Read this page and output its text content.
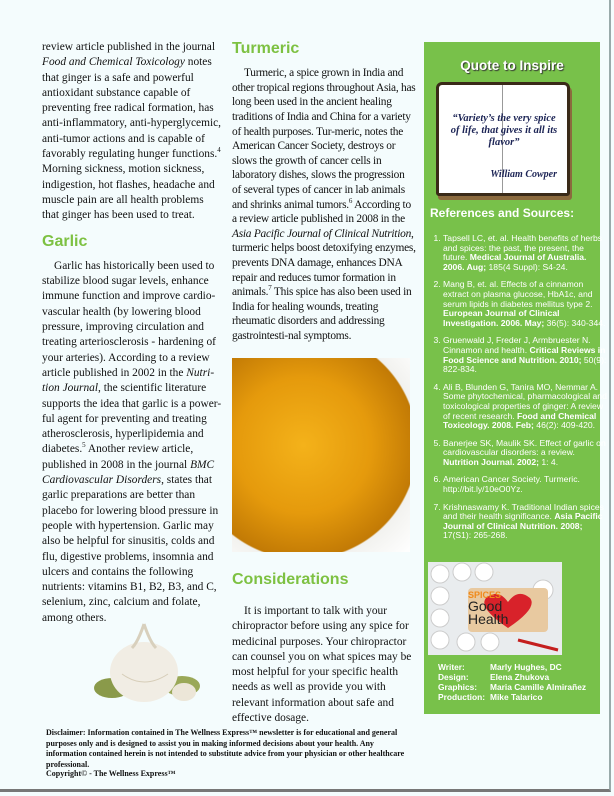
review article published in the journal Food and Chemical Toxicology notes that ginger is a safe and powerful antioxidant substance capable of preventing free radical formation, has anti-inflammatory, anti-hyperglycemic, anti-tumor actions and is capable of favorably regulating hunger functions.$^4$ Morning sickness, motion sickness, indigestion, hot flashes, headache and muscle pain are all health problems that ginger has been used to treat.

Garlic

Garlic has historically been used to stabilize blood sugar levels, enhance immune function and improve cardio-vascular health (by lowering blood pressure, improving circulation and treating arteriosclerosis - hardening of your arteries). According to a review article published in 2002 in the Nutri-tion Journal, the scientific literature supports the idea that garlic is a power-ful agent for preventing and treating atherosclerosis, hyperlipidemia and diabetes.$^5$ Another review article, published in 2008 in the journal BMC Cardiovascular Disorders, states that garlic preparations are better than placebo for lowering blood pressure in people with hypertension. Garlic may also be helpful for sinusitis, colds and flu, digestive problems, insomnia and ulcers and contains the following nutrients: vitamins B1, B2, B3, and C, selenium, zinc, calcium and folate, among others.

Turmeric

Turmeric, a spice grown in India and other tropical regions throughout Asia, has long been used in the ancient healing traditions of India and China for a variety of health purposes. Tur-meric, notes the American Cancer Society, destroys or slows the growth of cancer cells in laboratory dishes, slows the progression of several types of cancer in lab animals and shrinks animal tumors.$^6$ According to a review article published in 2008 in the Asia Pacific Journal of Clinical Nutrition, turmeric helps boost detoxifying enzymes, prevents DNA damage, enhances DNA repair and reduces tumor formation in animals.$^7$ This spice has also been used in India for healing wounds, treating rheumatic disorders and addressing gastrointesti-nal symptoms.

Considerations

It is important to talk with your chiropractor before using any spice for medicinal purposes. Your chiropractor can counsel you on what spices may be most helpful for your specific health needs as well as provide you with relevant information about safe and effective dosage.

Quote to Inspire
“Variety’s the very spice of life, that gives it all its flavor”
William Cowper
References and Sources:
1. Tapsell LC, et. al. Health benefits of herbs and spices: the past, the present, the future. Medical Journal of Australia. 2006. Aug; 185(4 Suppl): S4-24.
2. Mang B, et. al. Effects of a cinnamon extract on plasma glucose, HbA1c, and serum lipids in diabetes mellitus type 2. European Journal of Clinical Investigation. 2006. May; 36(5): 340-344.
3. Gruenwald J, Freder J, Armbruester N. Cinnamon and health. Critical Reviews in Food Science and Nutrition. 2010; 50(9): 822-834.
4. Ali B, Blunden G, Tanira MO, Nemmar A. Some phytochemical, pharmacological and toxicological properties of ginger: A review of recent research. Food and Chemical Toxicology. 2008. Feb; 46(2): 409-420.
5. Banerjee SK, Maulik SK. Effect of garlic on cardiovascular disorders: a review. Nutrition Journal. 2002; 1: 4.
6. American Cancer Society. Turmeric. http://bit.ly/10eO0Yz.
7. Krishnaswamy K. Traditional Indian spices and their health significance. Asia Pacific Journal of Clinical Nutrition. 2008; 17(S1): 265-268.
SPICES
Good
Health
Writer:	Marly Hughes, DC
Design:	Elena Zhukova
Graphics:	Maria Camille Almirañez
Production:	Mike Talarico
Disclaimer: Information contained in The Wellness Express™ newsletter is for educational and general purposes only and is designed to assist you in making informed decisions about your health. Any information contained herein is not intended to substitute advice from your physician or other healthcare professional.
Copyright© - The Wellness Express™
